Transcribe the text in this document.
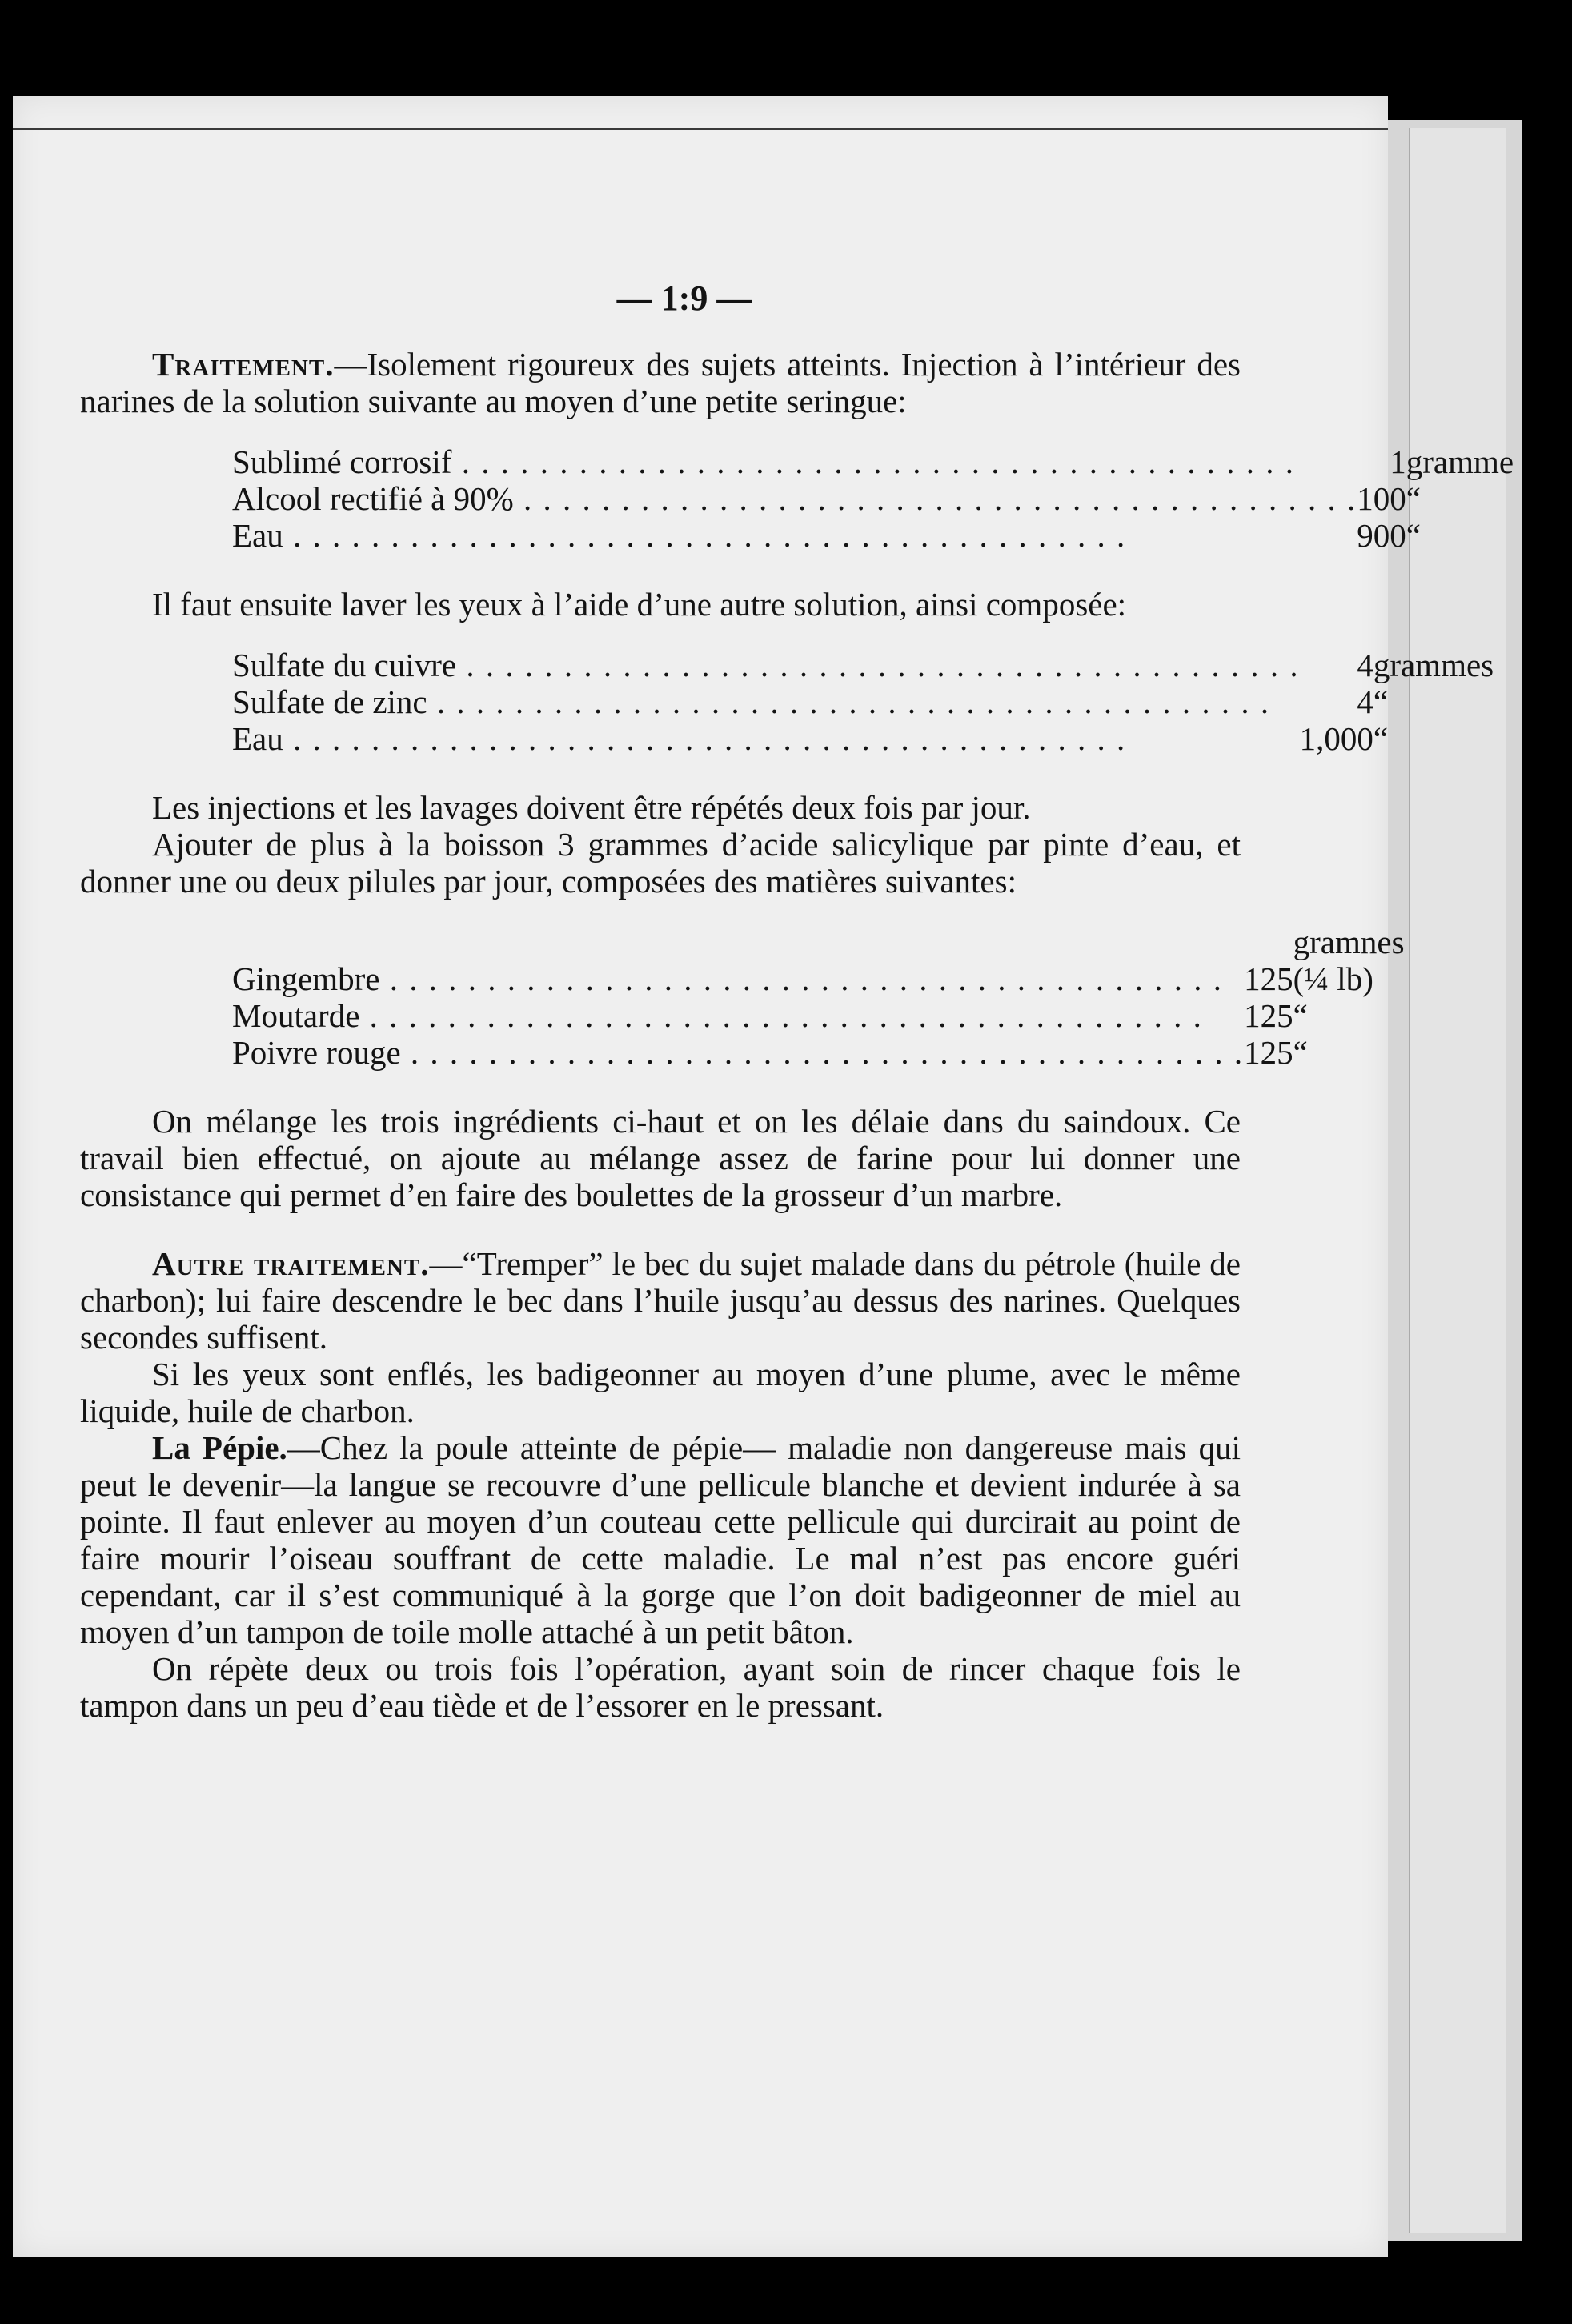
— 1:9 —

Traitement.—Isolement rigoureux des sujets atteints. Injection à l’intérieur des narines de la solution suivante au moyen d’une petite seringue:

Sublimé corrosif . . .	1	gramme
Alcool rectifié à 90% . . .	100	“
Eau . . .	900	“

Il faut ensuite laver les yeux à l’aide d’une autre solution, ainsi composée:

Sulfate du cuivre . . .	4	grammes
Sulfate de zinc . . .	4	“
Eau . . .	1,000	“

Les injections et les lavages doivent être répétés deux fois par jour.

Ajouter de plus à la boisson 3 grammes d’acide salicylique par pinte d’eau, et donner une ou deux pilules par jour, composées des matières suivantes:

Gingembre . . .	125	gramnes (¼ lb)
Moutarde . . .	125	“
Poivre rouge . . .	125	“

On mélange les trois ingrédients ci-haut et on les délaie dans du saindoux. Ce travail bien effectué, on ajoute au mélange assez de farine pour lui donner une consistance qui permet d’en faire des boulettes de la grosseur d’un marbre.

Autre traitement.—“Tremper” le bec du sujet malade dans du pétrole (huile de charbon); lui faire descendre le bec dans l’huile jusqu’au dessus des narines. Quelques secondes suffisent.

Si les yeux sont enflés, les badigeonner au moyen d’une plume, avec le même liquide, huile de charbon.

La Pépie.—Chez la poule atteinte de pépie— maladie non dangereuse mais qui peut le devenir—la langue se recouvre d’une pellicule blanche et devient indurée à sa pointe. Il faut enlever au moyen d’un couteau cette pellicule qui durcirait au point de faire mourir l’oiseau souffrant de cette maladie. Le mal n’est pas encore guéri cependant, car il s’est communiqué à la gorge que l’on doit badigeonner de miel au moyen d’un tampon de toile molle attaché à un petit bâton.

On répète deux ou trois fois l’opération, ayant soin de rincer chaque fois le tampon dans un peu d’eau tiède et de l’essorer en le pressant.
